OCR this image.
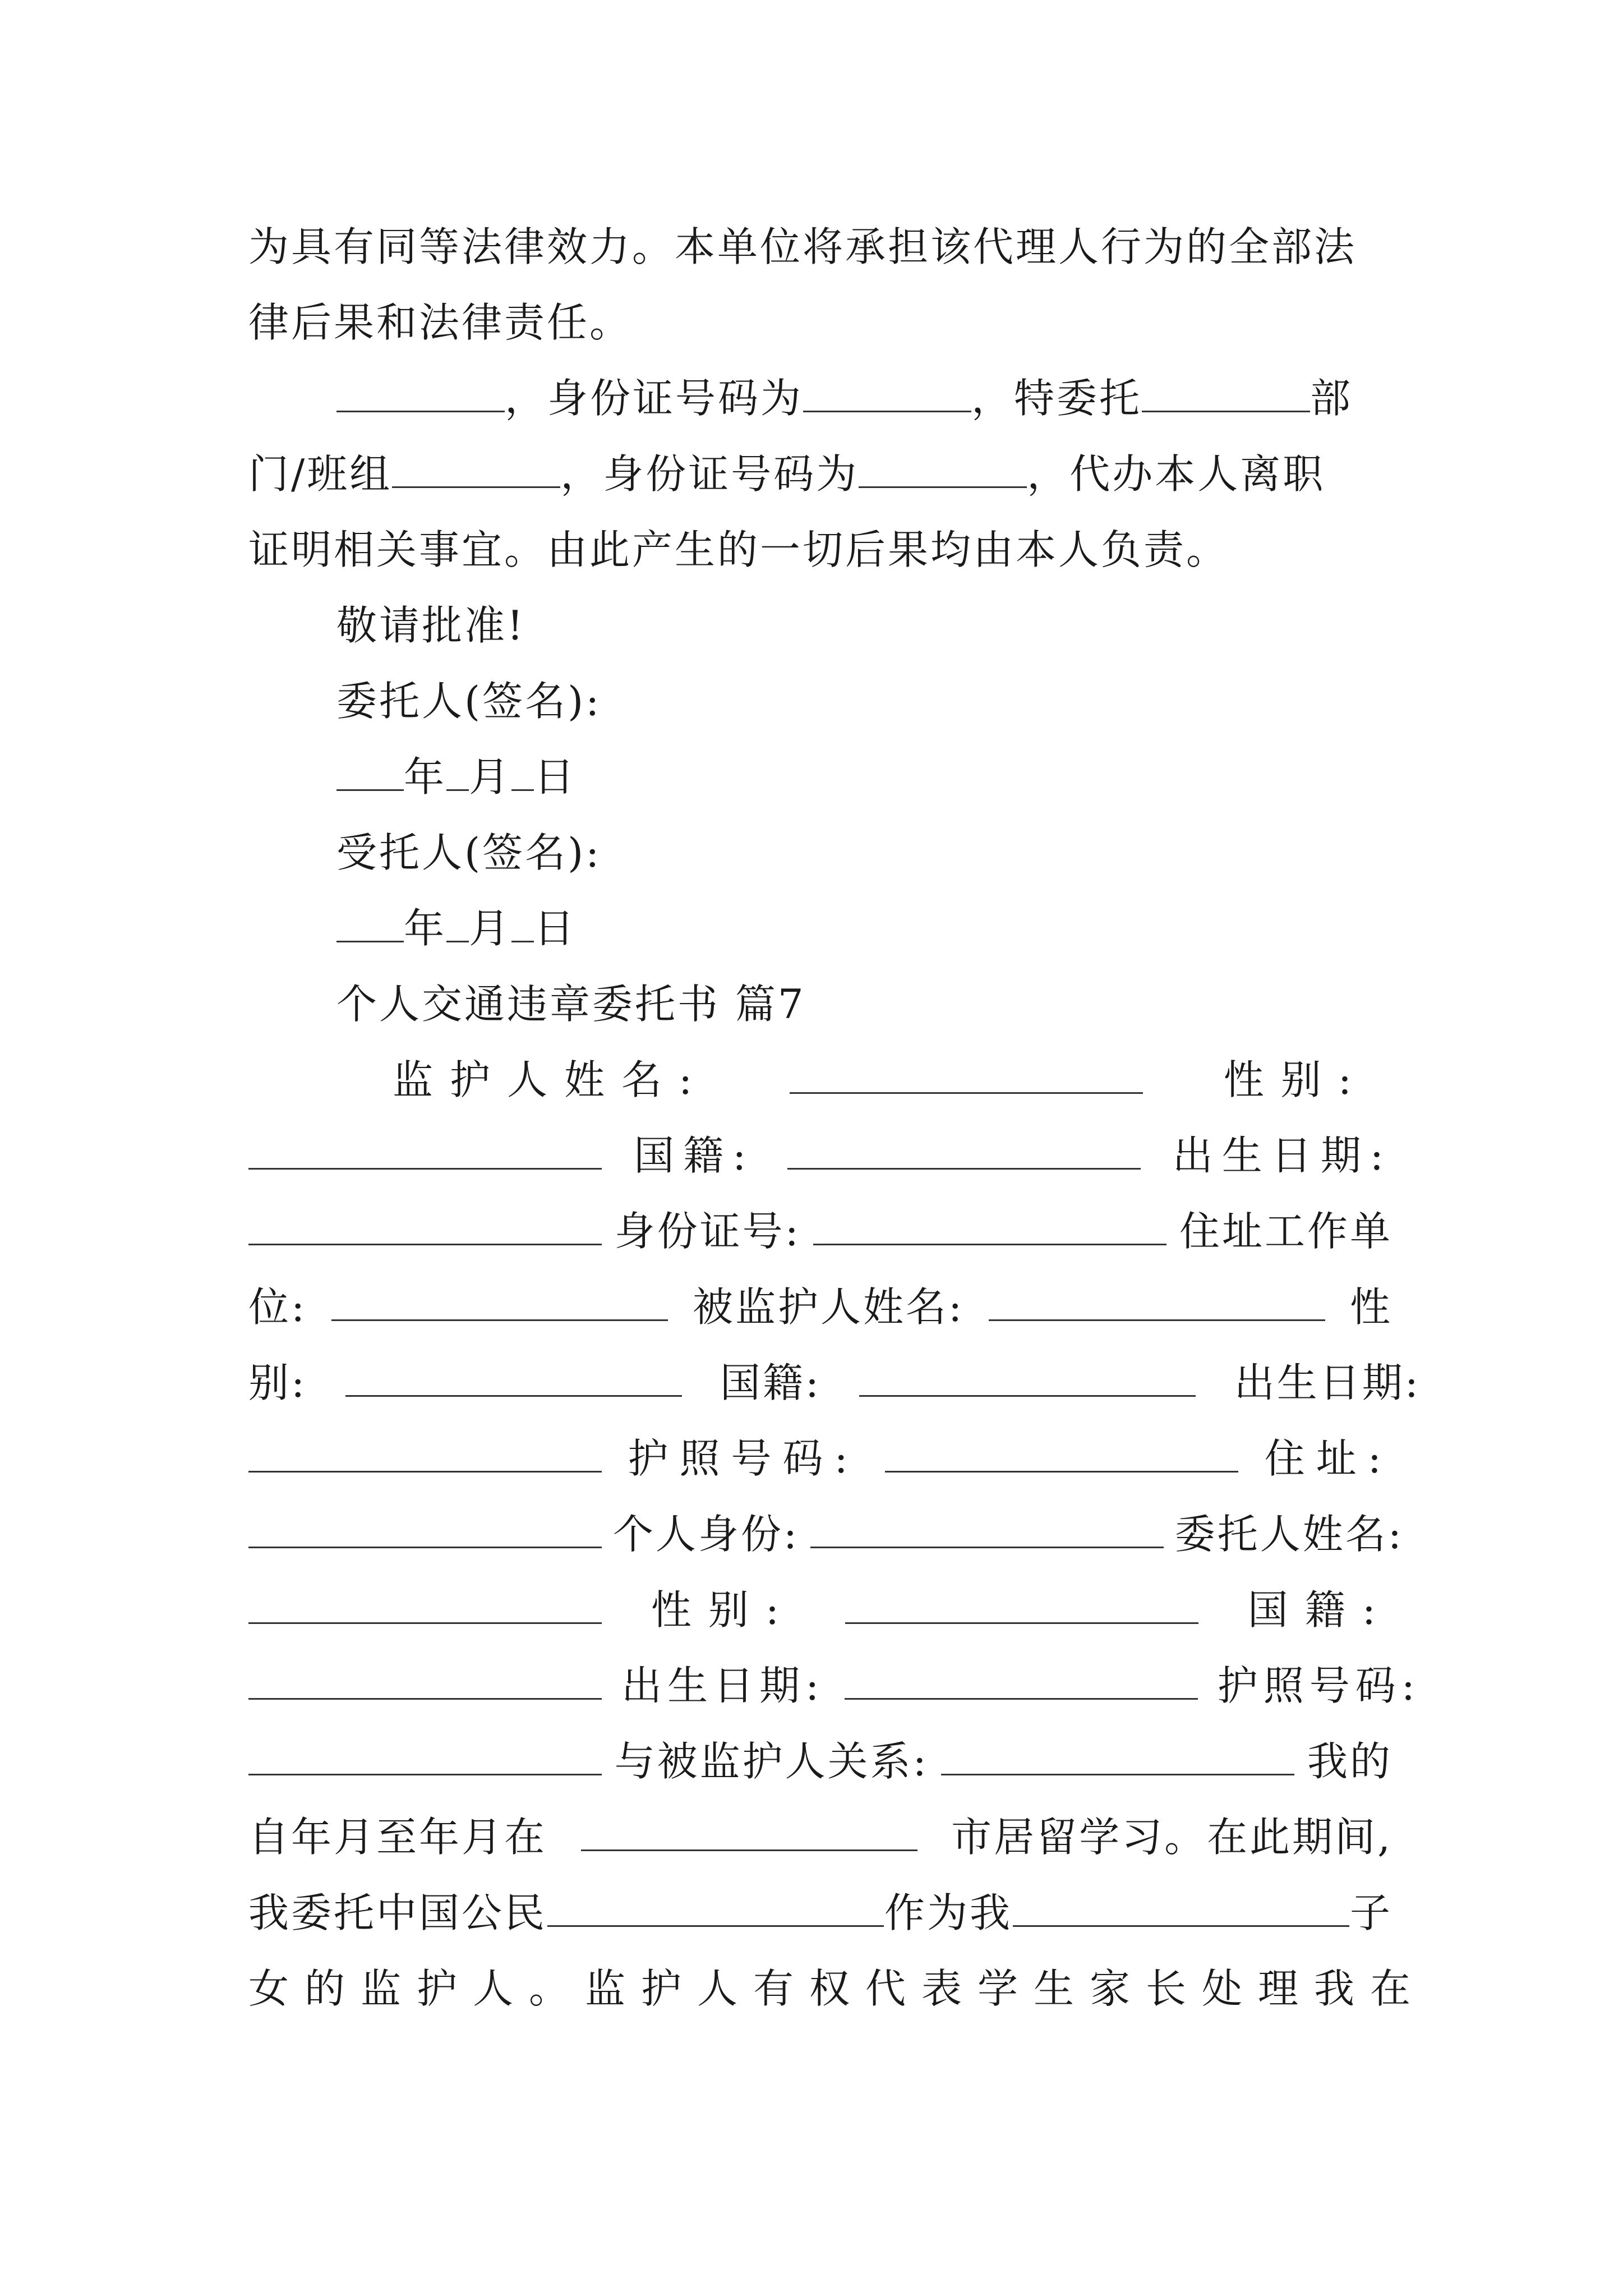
为具有同等法律效力。本单位将承担该代理人行为的全部法
律后果和法律责任。
，身份证号码为	，特委托	部
门/班组	，身份证号码为	，代办本人离职
证明相关事宜。由此产生的一切后果均由本人负责。
敬请批准!
委托人(签名):
年 月 日
受托人(签名):
年 月 日
个人交通违章委托书 篇7
监护人姓名:	性别:
国籍:	出生日期:
身份证号:	住址工作单
位:	被监护人姓名:	性
别:	国籍:	出生日期:
护照号码:	住址:
个人身份:	委托人姓名:
性别:	国籍:
出生日期:	护照号码:
与被监护人关系:	我的
自年月至年月在	市居留学习。在此期间,
我委托中国公民	作为我	子
女的监护人。监护人有权代表学生家长处理我在
